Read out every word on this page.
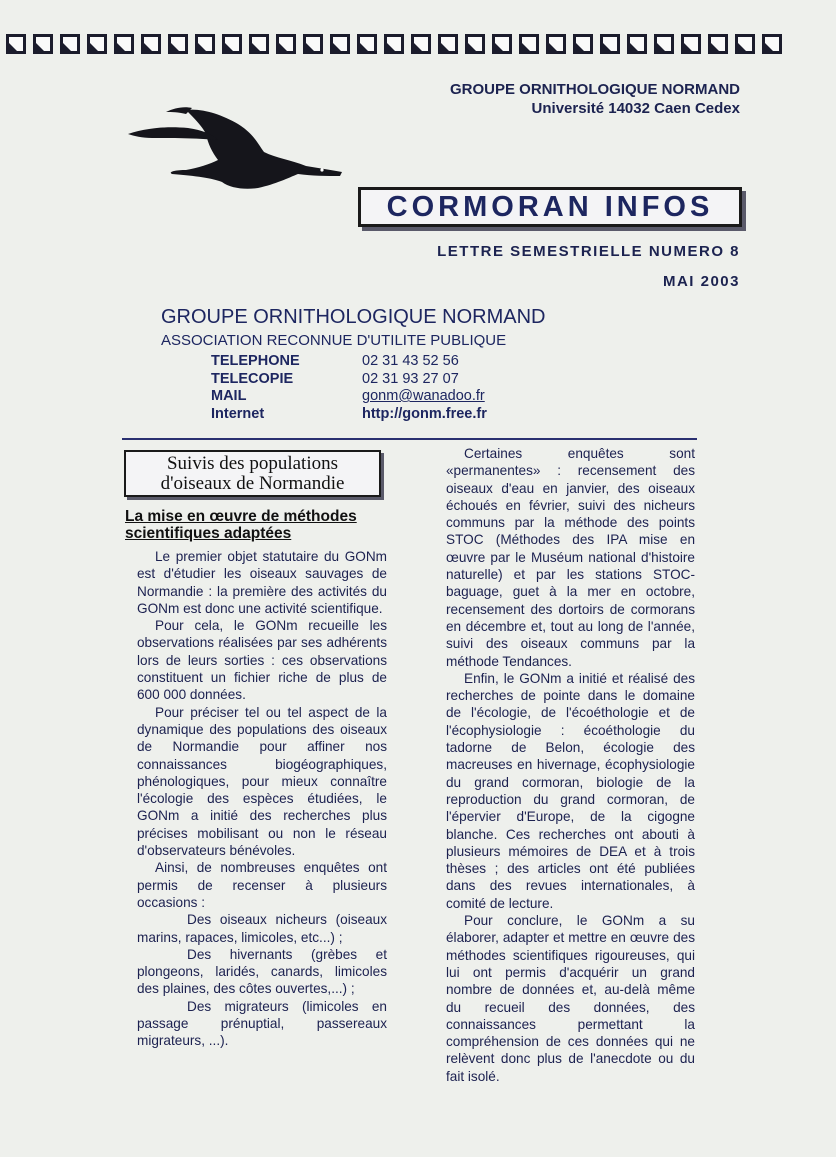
GROUPE ORNITHOLOGIQUE NORMAND
Université 14032 Caen Cedex
CORMORAN INFOS
LETTRE SEMESTRIELLE NUMERO 8
MAI 2003
GROUPE ORNITHOLOGIQUE NORMAND
ASSOCIATION RECONNUE D'UTILITE PUBLIQUE
TELEPHONE	02 31 43 52 56
TELECOPIE	02 31 93 27 07
MAIL	gonm@wanadoo.fr
Internet	http://gonm.free.fr
Suivis des populations
d'oiseaux de Normandie
La mise en œuvre de méthodes scientifiques adaptées

Le premier objet statutaire du GONm est d'étudier les oiseaux sauvages de Normandie : la première des activités du GONm est donc une activité scientifique.

Pour cela, le GONm recueille les observations réalisées par ses adhérents lors de leurs sorties : ces observations constituent un fichier riche de plus de 600 000 données.

Pour préciser tel ou tel aspect de la dynamique des populations des oiseaux de Normandie pour affiner nos connaissances biogéographiques, phénologiques, pour mieux connaître l'écologie des espèces étudiées, le GONm a initié des recherches plus précises mobilisant ou non le réseau d'observateurs bénévoles.

Ainsi, de nombreuses enquêtes ont permis de recenser à plusieurs occasions :

Des oiseaux nicheurs (oiseaux marins, rapaces, limicoles, etc...) ;

Des hivernants (grèbes et plongeons, laridés, canards, limicoles des plaines, des côtes ouvertes,...) ;

Des migrateurs (limicoles en passage prénuptial, passereaux migrateurs, ...).

Certaines enquêtes sont «permanentes» : recensement des oiseaux d'eau en janvier, des oiseaux échoués en février, suivi des nicheurs communs par la méthode des points STOC (Méthodes des IPA mise en œuvre par le Muséum national d'histoire naturelle) et par les stations STOC-baguage, guet à la mer en octobre, recensement des dortoirs de cormorans en décembre et, tout au long de l'année, suivi des oiseaux communs par la méthode Tendances.

Enfin, le GONm a initié et réalisé des recherches de pointe dans le domaine de l'écologie, de l'écoéthologie et de l'écophysiologie : écoéthologie du tadorne de Belon, écologie des macreuses en hivernage, écophysiologie du grand cormoran, biologie de la reproduction du grand cormoran, de l'épervier d'Europe, de la cigogne blanche. Ces recherches ont abouti à plusieurs mémoires de DEA et à trois thèses ; des articles ont été publiées dans des revues internationales, à comité de lecture.

Pour conclure, le GONm a su élaborer, adapter et mettre en œuvre des méthodes scientifiques rigoureuses, qui lui ont permis d'acquérir un grand nombre de données et, au-delà même du recueil des données, des connaissances permettant la compréhension de ces données qui ne relèvent donc plus de l'anecdote ou du fait isolé.
